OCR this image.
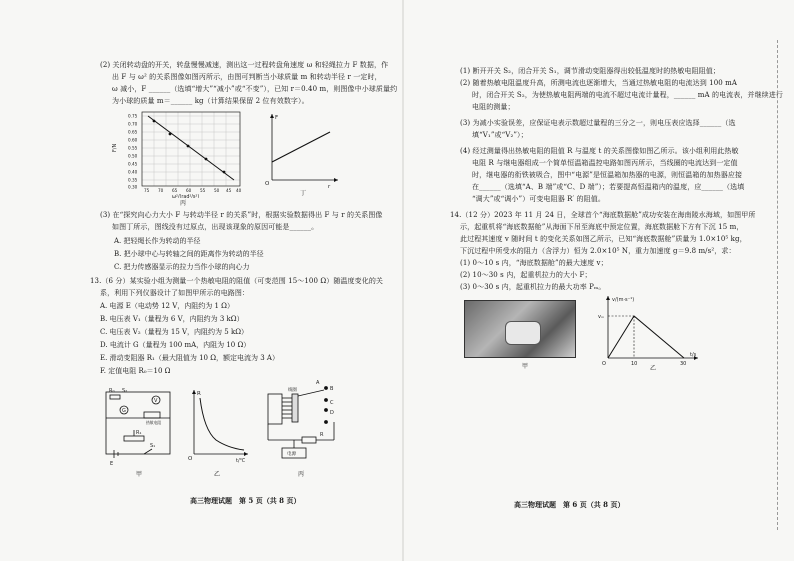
(2) 关闭转动盘的开关，转盘慢慢减速，测出这一过程转盘角速度 ω 和轻绳拉力 F 数据，作
出 F 与 ω² 的关系图像如图丙所示，由图可判断当小球质量 m 和转动半径 r 一定时，
ω 减小，F ______（选填“增大”“减小”或“不变”），已知 r＝0.40 m，则图像中小球质量约
为小球的质量 m＝______ kg（计算结果保留 2 位有效数字）。
0.75
0.70
0.65
0.60
0.55
0.50
0.45
0.40
0.35
0.30
75 70 65 60 55 50 45 40
F/N
ω²/(rad²/s²)
丙
F
O	r
丁
(3) 在“探究向心力大小 F 与转动半径 r 的关系”时，根据实验数据得出 F 与 r 的关系图像
如图丁所示，图线没有过原点，出现该现象的原因可能是______。
A. 把轻绳长作为转动的半径
B. 把小球中心与转轴之间的距离作为转动的半径
C. 把力传感器显示的拉力当作小球的向心力
13.（6 分）某实验小组为测量一个热敏电阻的阻值（可变范围 15～100 Ω）随温度变化的关
系，利用下列仪器设计了如图甲所示的电路图：
A. 电源 E（电动势 12 V，内阻约为 1 Ω）
B. 电压表 V₁（量程为 6 V，内阻约为 3 kΩ）
C. 电压表 V₂（量程为 15 V，内阻约为 5 kΩ）
D. 电流计 G（量程为 100 mA，内阻为 10 Ω）
E. 滑动变阻器 R₁（最大阻值为 10 Ω，额定电流为 3 A）
F. 定值电阻 R₀＝10 Ω
R₀ S₂
G
V
热敏电阻
R₁
E
S₁
甲
R
O	t/℃
乙
A
B
C
D
线圈
R
电源
丙
高三物理试题　第 5 页（共 8 页）
(1) 断开开关 S₂，闭合开关 S₁，调节滑动变阻器得出较低温度时的热敏电阻阻值；
(2) 随着热敏电阻温度升高，所测电流也逐渐增大，当通过热敏电阻的电流达到 100 mA
时，闭合开关 S₂，为使热敏电阻两端的电流不超过电流计量程，______ mA 的电流表，并继续进行
电阻的测量；
(3) 为减小实验误差，应保证电表示数超过量程的三分之一，则电压表应选择______（选
填“V₁”或“V₂”）；
(4) 经过测量得出热敏电阻的阻值 R 与温度 t 的关系图像如图乙所示。该小组利用此热敏
电阻 R 与继电器组成一个简单恒温箱温控电路如图丙所示，当线圈的电流达到一定值
时，继电器的衔铁被吸合，图中“电源”是恒温箱加热器的电源，则恒温箱的加热器应接
在______（选填“A、B 端”或“C、D 端”）；若要提高恒温箱内的温度，应______（选填
“调大”或“调小”）可变电阻器 R′ 的阻值。
14.（12 分）2023 年 11 月 24 日，全球首个“海底数据舱”成功安装在海南陵水海域，如图甲所
示，起重机将“海底数据舱”从海面下吊至海底中预定位置，海底数据舱下方有下沉 15 m，
此过程其速度 v 随时间 t 的变化关系如图乙所示，已知“海底数据舱”质量为 1.0×10⁵ kg，
下沉过程中所受水的阻力（含浮力）恒为 2.0×10⁵ N，重力加速度 g＝9.8 m/s²，求：
(1) 0～10 s 内，“海底数据舱”的最大速度 v；
(2) 10～30 s 内，起重机拉力的大小 F；
(3) 0～30 s 内，起重机拉力的最大功率 Pₘ。
甲
v/(m·s⁻¹)
vₘ
O	10	30
t/s
乙
高三物理试题　第 6 页（共 8 页）
